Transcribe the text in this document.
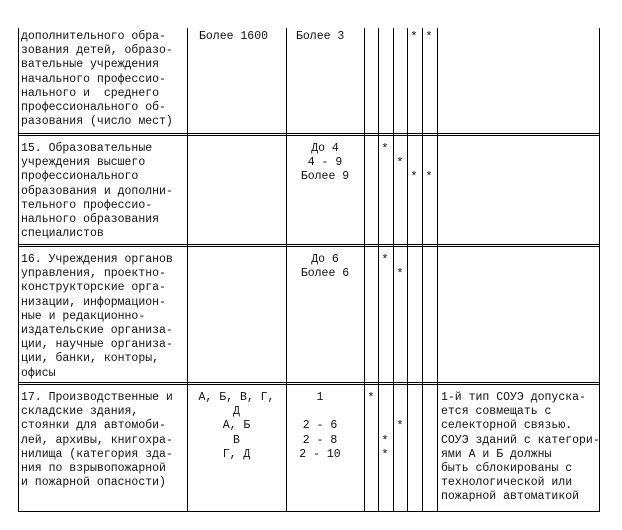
дополнительного обра-
зования детей, образо-
вательные учреждения
начального профессио-
нального и  среднего
профессионального об-
разования (число мест)
Более 1600 Более 3
15. Образовательные
учреждения высшего
профессионального
образования и дополни-
тельного профессио-
нального образования
специалистов
До 4
4 - 9
Более 9
16. Учреждения органов
управления, проектно-
конструкторские орга-
низации, информацион-
ные и редакционно-
издательские организа-
ции, научные организа-
ции, банки, конторы,
офисы
До 6
Более 6
17. Производственные и
складские здания,
стоянки для автомоби-
лей, архивы, книгохра-
нилища (категория зда-
ния по взрывопожарной
и пожарной опасности)
А, Б, В, Г,
Д
А, Б
В
Г, Д
1

2 - 6
2 - 8
2 - 10
1-й тип СОУЭ допуска-
ется совмещать с
селекторной связью.
СОУЭ зданий с категори-
ями А и Б должны
быть сблокированы с
технологической или
пожарной автоматикой
* *
*
*
* *
*
*
*
*
*
*
